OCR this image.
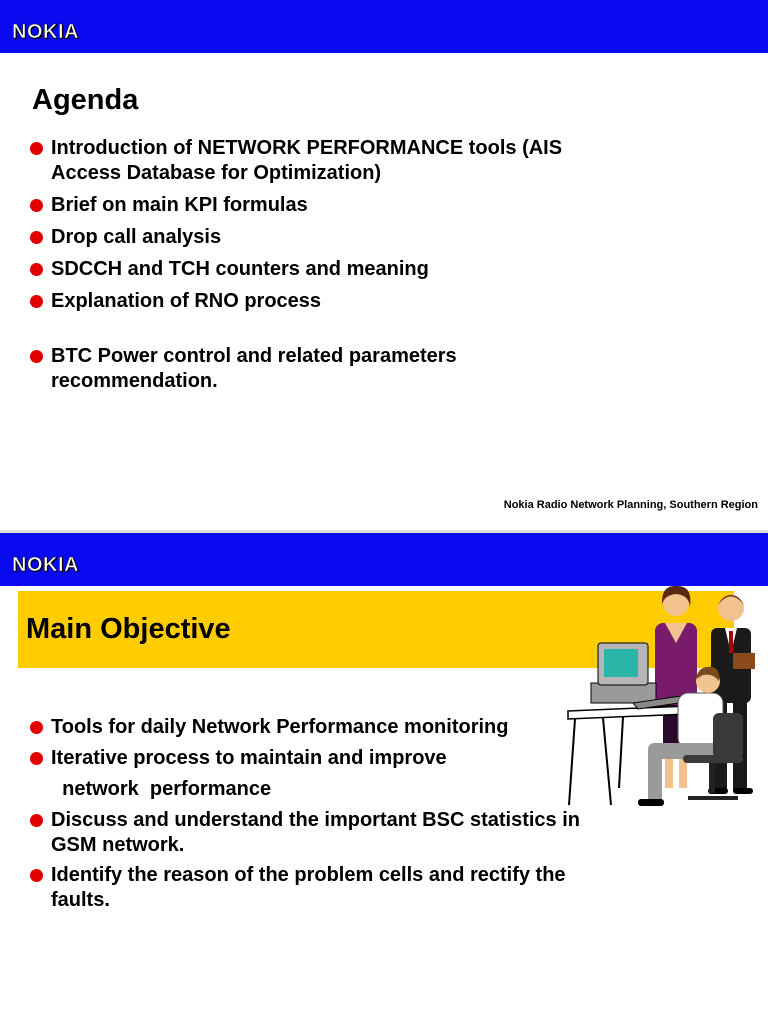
NOKIA
Agenda
Introduction of NETWORK PERFORMANCE tools (AIS Access Database for Optimization)
Brief on main KPI formulas
Drop call analysis
SDCCH and TCH counters and meaning
Explanation of RNO process
BTC Power control and related parameters recommendation.
Nokia Radio Network Planning, Southern Region
NOKIA
Main Objective
Tools for daily Network Performance monitoring
Iterative process to maintain and improve
network  performance
Discuss and understand the important BSC statistics in GSM network.
Identify the reason of the problem cells and rectify the faults.
